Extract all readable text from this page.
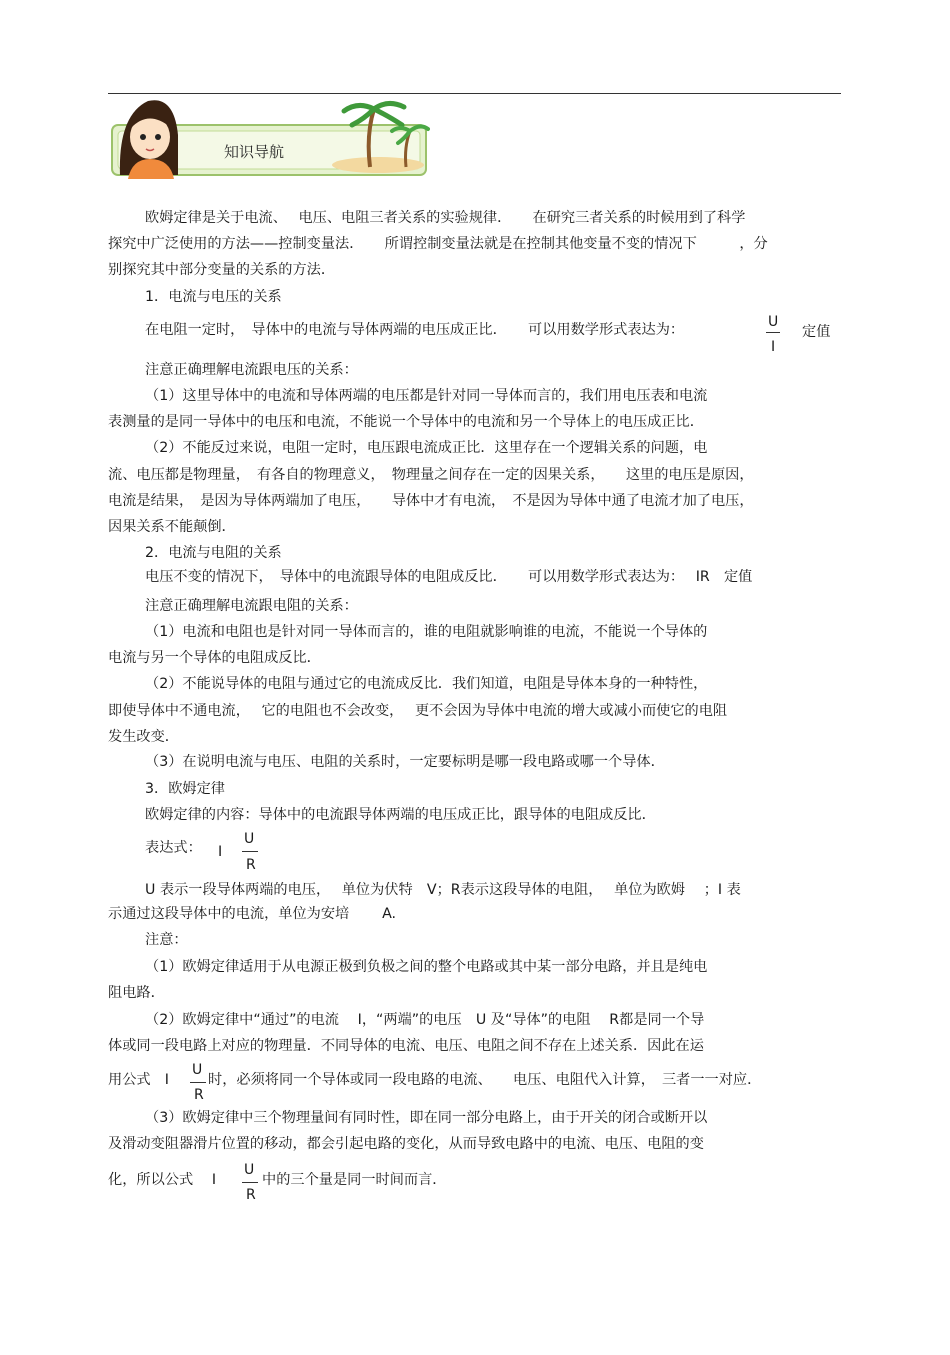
知识导航
欧姆定律是关于电流、　 电压、电阻三者关系的实验规律．　　在研究三者关系的时候用到了科学
探究中广泛使用的方法——控制变量法．　　所谓控制变量法就是在控制其他变量不变的情况下　　　，分
别探究其中部分变量的关系的方法．
1．电流与电压的关系
在电阻一定时，　导体中的电流与导体两端的电压成正比．　　可以用数学形式表达为：	U
I
定值
注意正确理解电流跟电压的关系：
（1）这里导体中的电流和导体两端的电压都是针对同一导体而言的，我们用电压表和电流
表测量的是同一导体中的电压和电流，不能说一个导体中的电流和另一个导体上的电压成正比．
（2）不能反过来说，电阻一定时，电压跟电流成正比．这里存在一个逻辑关系的问题，电
流、电压都是物理量，　有各自的物理意义，　物理量之间存在一定的因果关系，　　这里的电压是原因，
电流是结果，　是因为导体两端加了电压，　　导体中才有电流，　不是因为导体中通了电流才加了电压，
因果关系不能颠倒．
2．电流与电阻的关系
电压不变的情况下，　导体中的电流跟导体的电阻成反比．　　可以用数学形式表达为：　 IR　定值
注意正确理解电流跟电阻的关系：
（1）电流和电阻也是针对同一导体而言的，谁的电阻就影响谁的电流，不能说一个导体的
电流与另一个导体的电阻成反比．
（2）不能说导体的电阻与通过它的电流成反比．我们知道，电阻是导体本身的一种特性，
即使导体中不通电流，　 它的电阻也不会改变，　 更不会因为导体中电流的增大或减小而使它的电阻
发生改变．
（3）在说明电流与电压、电阻的关系时，一定要标明是哪一段电路或哪一个导体．
3．欧姆定律
欧姆定律的内容：导体中的电流跟导体两端的电压成正比，跟导体的电阻成反比．
表达式： I
U
R
U 表示一段导体两端的电压，　 单位为伏特　V；R表示这段导体的电阻，　 单位为欧姆　 ；I 表
示通过这段导体中的电流，单位为安培　　 A.
注意：
（1）欧姆定律适用于从电源正极到负极之间的整个电路或其中某一部分电路，并且是纯电
阻电路．
（2）欧姆定律中“通过”的电流　 I，“两端”的电压　U 及“导体”的电阻　 R都是同一个导
体或同一段电路上对应的物理量．不同导体的电流、电压、电阻之间不存在上述关系．因此在运
用公式　I
U
R
时，必须将同一个导体或同一段电路的电流、　　电压、电阻代入计算，　三者一一对应．
（3）欧姆定律中三个物理量间有同时性，即在同一部分电路上，由于开关的闭合或断开以
及滑动变阻器滑片位置的移动，都会引起电路的变化，从而导致电路中的电流、电压、电阻的变
化，所以公式　 I
U
R
中的三个量是同一时间而言．
